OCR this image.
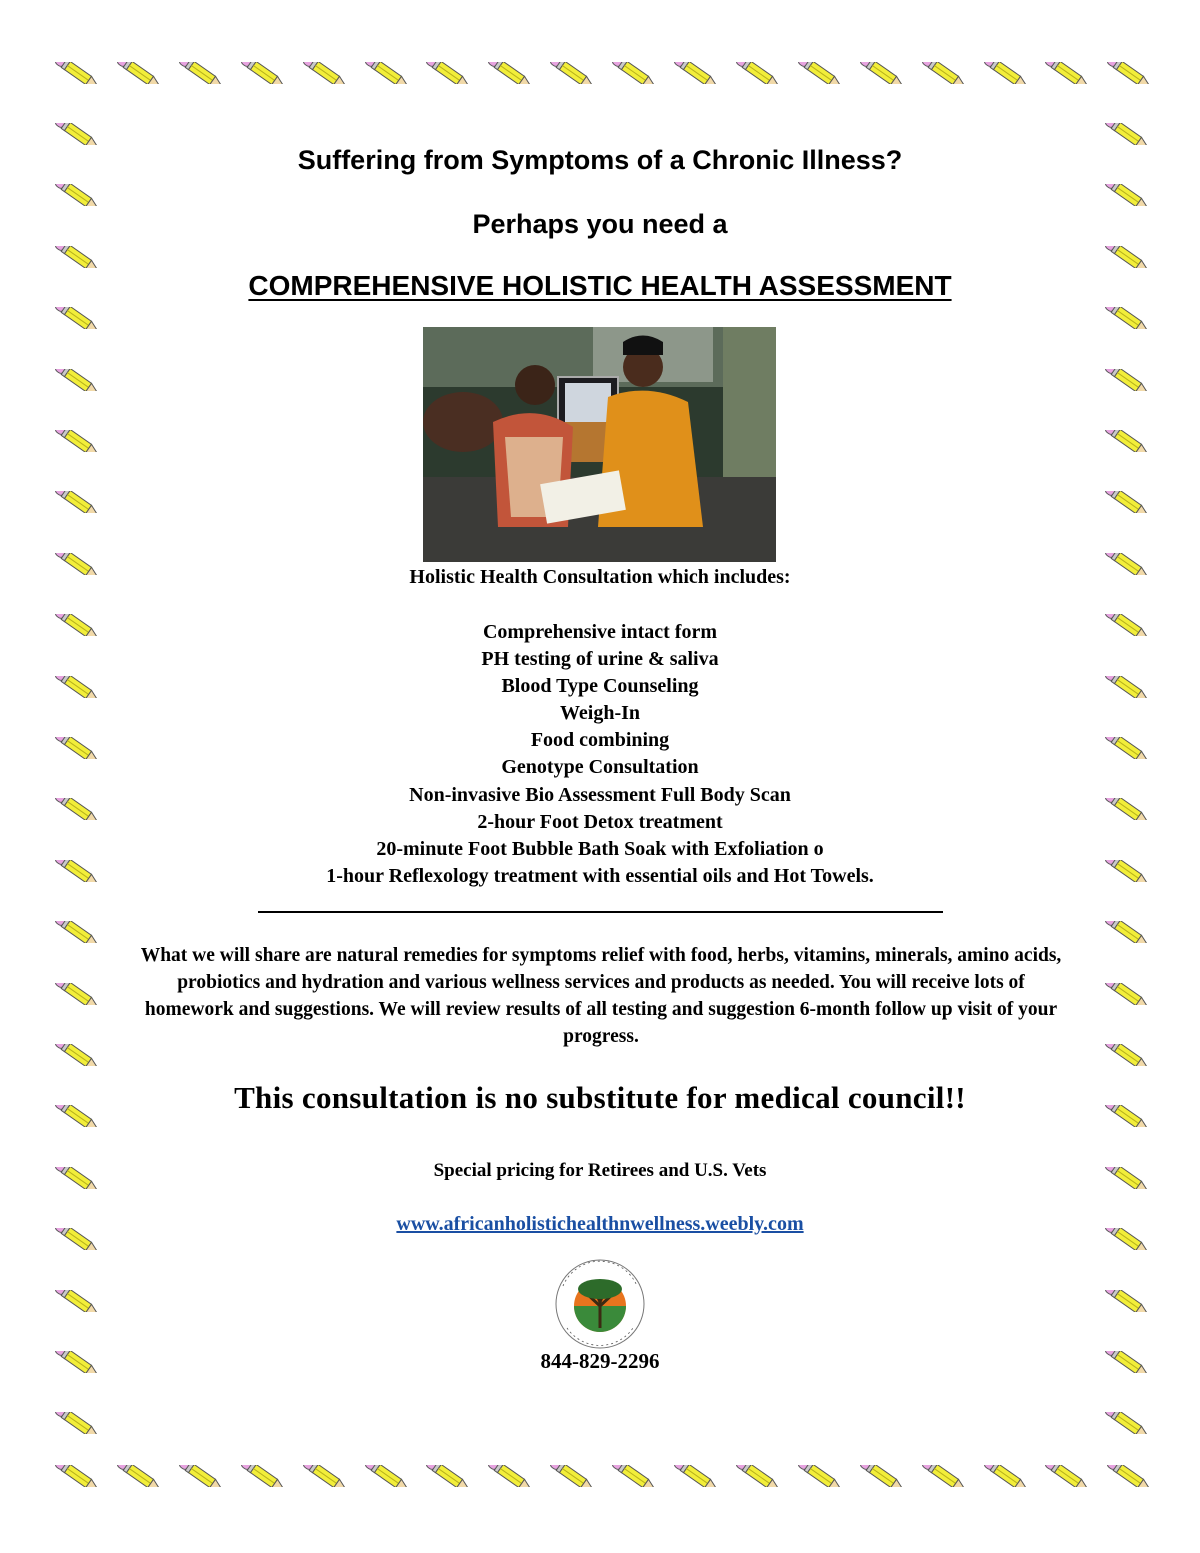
Suffering from Symptoms of a Chronic Illness?
Perhaps you need a
COMPREHENSIVE HOLISTIC HEALTH ASSESSMENT
Holistic Health Consultation which includes:
Comprehensive intact form
PH testing of urine & saliva
Blood Type Counseling
Weigh-In
Food combining
Genotype Consultation
Non-invasive Bio Assessment Full Body Scan
2-hour Foot Detox treatment
20-minute Foot Bubble Bath Soak with Exfoliation o
1-hour Reflexology treatment with essential oils and Hot Towels.
What we will share are natural remedies for symptoms relief with food, herbs, vitamins, minerals, amino acids, probiotics and hydration and various wellness services and products as needed. You will receive lots of homework and suggestions. We will review results of all testing and suggestion 6-month follow up visit of your progress.
This consultation is no substitute for medical council!!
Special pricing for Retirees and U.S. Vets
www.africanholistichealthnwellness.weebly.com
844-829-2296
